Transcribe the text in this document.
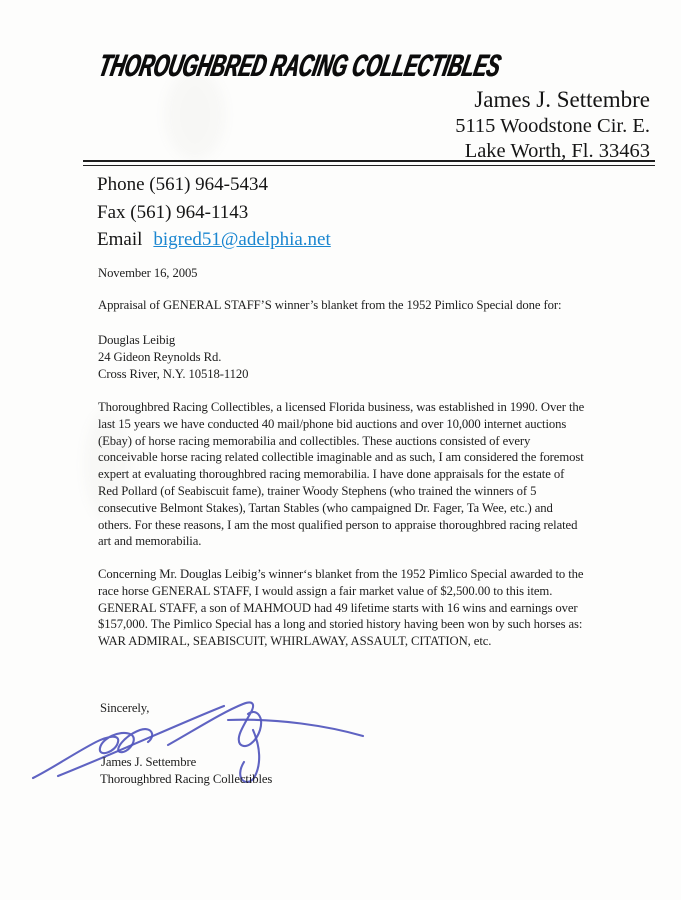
THOROUGHBRED RACING COLLECTIBLES
James J. Settembre
5115 Woodstone Cir. E.
Lake Worth, Fl. 33463
Phone (561) 964-5434
Fax (561) 964-1143
Email bigred51@adelphia.net
November 16, 2005
Appraisal of GENERAL STAFF’S winner’s blanket from the 1952 Pimlico Special done for:
Douglas Leibig
24 Gideon Reynolds Rd.
Cross River, N.Y. 10518-1120
Thoroughbred Racing Collectibles, a licensed Florida business, was established in 1990. Over the
last 15 years we have conducted 40 mail/phone bid auctions and over 10,000 internet auctions
(Ebay) of horse racing memorabilia and collectibles. These auctions consisted of every
conceivable horse racing related collectible imaginable and as such, I am considered the foremost
expert at evaluating thoroughbred racing memorabilia. I have done appraisals for the estate of
Red Pollard (of Seabiscuit fame), trainer Woody Stephens (who trained the winners of 5
consecutive Belmont Stakes), Tartan Stables (who campaigned Dr. Fager, Ta Wee, etc.) and
others. For these reasons, I am the most qualified person to appraise thoroughbred racing related
art and memorabilia.
Concerning Mr. Douglas Leibig’s winner‘s blanket from the 1952 Pimlico Special awarded to the
race horse GENERAL STAFF, I would assign a fair market value of $2,500.00 to this item.
GENERAL STAFF, a son of MAHMOUD had 49 lifetime starts with 16 wins and earnings over
$157,000. The Pimlico Special has a long and storied history having been won by such horses as:
WAR ADMIRAL, SEABISCUIT, WHIRLAWAY, ASSAULT, CITATION, etc.
Sincerely,
James J. Settembre
Thoroughbred Racing Collectibles
